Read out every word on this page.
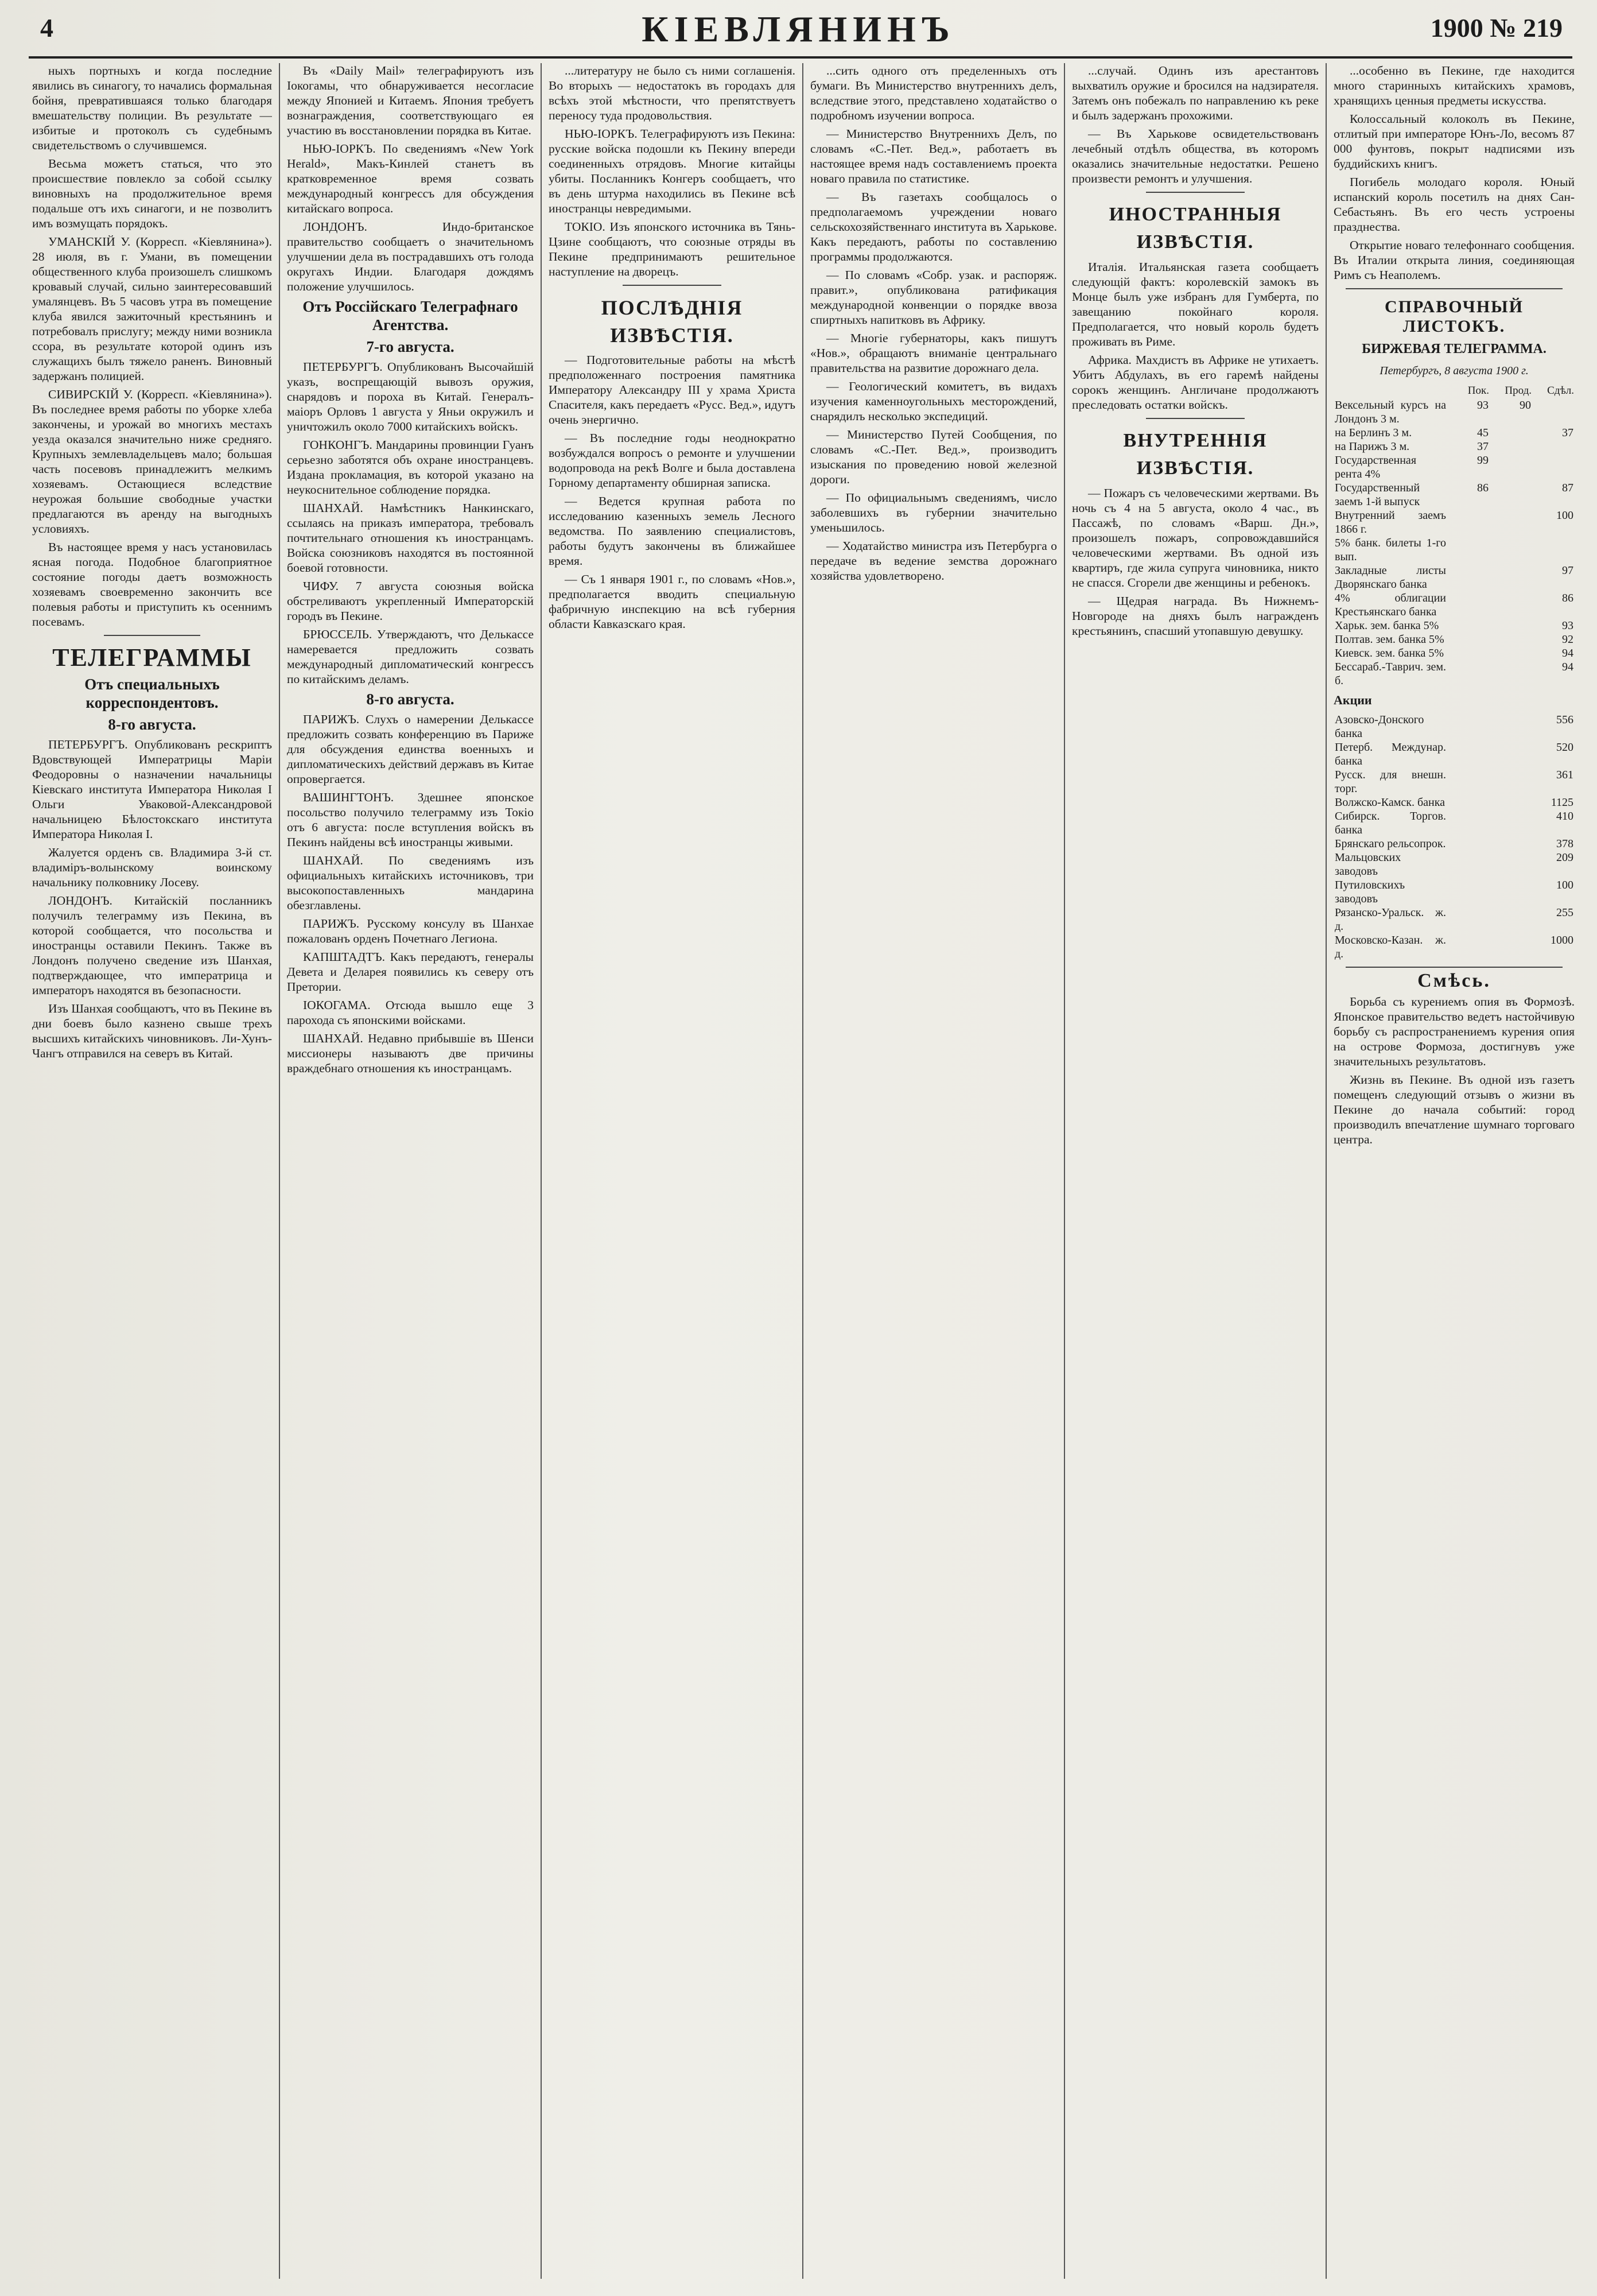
4	КІЕВЛЯНИНЪ	1900 № 219

ныхъ портныхъ и когда последние явились въ синагогу, то начались формальная бойня, превратившаяся только благодаря вмешательству полиции. Въ результате — избитые и протоколъ съ судебнымъ свидетельствомъ о случившемся.

Весьма можетъ статься, что это происшествие повлекло за собой ссылку виновныхъ на продолжительное время подальше отъ ихъ синагоги, и не позволитъ имъ возмущать порядокъ.

УМАНСКІЙ У. (Корресп. «Кіевлянина»). 28 июля, въ г. Умани, въ помещении общественного клуба произошелъ слишкомъ кровавый случай, сильно заинтересовавший умалянцевъ. Въ 5 часовъ утра въ помещение клуба явился зажиточный крестьянинъ и потребовалъ прислугу; между ними возникла ссора, въ результате которой одинъ изъ служащихъ былъ тяжело раненъ. Виновный задержанъ полицией.

СИВИРСКІЙ У. (Корресп. «Кіевлянина»). Въ последнее время работы по уборке хлеба закончены, и урожай во многихъ местахъ уезда оказался значительно ниже средняго. Крупныхъ землевладельцевъ мало; большая часть посевовъ принадлежитъ мелкимъ хозяевамъ. Остающиеся вследствие неурожая большие свободные участки предлагаются въ аренду на выгодныхъ условияхъ.

Въ настоящее время у насъ установилась ясная погода. Подобное благоприятное состояние погоды даетъ возможность хозяевамъ своевременно закончить все полевыя работы и приступить къ осеннимъ посевамъ.

ТЕЛЕГРАММЫ
Отъ специальныхъ корреспондентовъ.
8-го августа.

ПЕТЕРБУРГЪ. Опубликованъ рескриптъ Вдовствующей Императрицы Маріи Феодоровны о назначении начальницы Кіевскаго института Императора Николая I Ольги Уваковой-Александровой начальницею Бѣлостокскаго института Императора Николая I.

Жалуется орденъ св. Владимира 3-й ст. владиміръ-волынскому воинскому начальнику полковнику Лосеву.

ЛОНДОНЪ. Китайскій посланникъ получилъ телеграмму изъ Пекина, въ которой сообщается, что посольства и иностранцы оставили Пекинъ. Также въ Лондонъ получено сведение изъ Шанхая, подтверждающее, что императрица и императоръ находятся въ безопасности.

Изъ Шанхая сообщаютъ, что въ Пекине въ дни боевъ было казнено свыше трехъ высшихъ китайскихъ чиновниковъ. Ли-Хунъ-Чангъ отправился на северъ въ Китай.

Въ «Daily Mail» телеграфируютъ изъ Іокогамы, что обнаруживается несогласие между Японией и Китаемъ. Япония требуетъ вознаграждения, соответствующаго ея участию въ восстановлении порядка въ Китае.

НЬЮ-ІОРКЪ. По сведениямъ «New York Herald», Макъ-Кинлей станетъ въ кратковременное время созвать международный конгрессъ для обсуждения китайскаго вопроса.

ЛОНДОНЪ. Индо-британское правительство сообщаетъ о значительномъ улучшении дела въ пострадавшихъ отъ голода округахъ Индии. Благодаря дождямъ положение улучшилось.

Отъ Россійскаго Телеграфнаго Агентства.
7-го августа.

ПЕТЕРБУРГЪ. Опубликованъ Высочайшій указъ, воспрещающій вывозъ оружия, снарядовъ и пороха въ Китай. Генералъ-маіоръ Орловъ 1 августа у Яньи окружилъ и уничтожилъ около 7000 китайскихъ войскъ.

ГОНКОНГЪ. Мандарины провинции Гуанъ серьезно заботятся объ охране иностранцевъ. Издана прокламация, въ которой указано на неукоснительное соблюдение порядка.

ШАНХАЙ. Намѣстникъ Нанкинскаго, ссылаясь на приказъ императора, требовалъ почтительнаго отношения къ иностранцамъ. Войска союзниковъ находятся въ постоянной боевой готовности.

ЧИФУ. 7 августа союзныя войска обстреливаютъ укрепленный Императорскій городъ въ Пекине.

БРЮССЕЛЬ. Утверждаютъ, что Делькассе намеревается предложить созвать международный дипломатический конгрессъ по китайскимъ деламъ.

8-го августа.

ПАРИЖЪ. Слухъ о намерении Делькассе предложить созвать конференцию въ Париже для обсуждения единства военныхъ и дипломатическихъ действий державъ въ Китае опровергается.

ВАШИНГТОНЪ. Здешнее японское посольство получило телеграмму изъ Токіо отъ 6 августа: после вступления войскъ въ Пекинъ найдены всѣ иностранцы живыми.

ШАНХАЙ. По сведениямъ изъ официальныхъ китайскихъ источниковъ, три высокопоставленныхъ мандарина обезглавлены.

ПАРИЖЪ. Русскому консулу въ Шанхае пожалованъ орденъ Почетнаго Легиона.

КАПШТАДТЪ. Какъ передаютъ, генералы Девета и Деларея появились къ северу отъ Претории.

ІОКОГАМА. Отсюда вышло еще 3 парохода съ японскими войсками.

ШАНХАЙ. Недавно прибывшіе въ Шенси миссионеры называютъ две причины враждебнаго отношения къ иностранцамъ.

...литературу не было съ ними соглашенія. Во вторыхъ — недостатокъ въ городахъ для всѣхъ этой мѣстности, что препятствуетъ переносу туда продовольствия.

НЬЮ-ІОРКЪ. Телеграфируютъ изъ Пекина: русские войска подошли къ Пекину впереди соединенныхъ отрядовъ. Многие китайцы убиты. Посланникъ Конгеръ сообщаетъ, что въ день штурма находились въ Пекине всѣ иностранцы невредимыми.

ТОКІО. Изъ японского источника въ Тянь-Цзине сообщаютъ, что союзные отряды въ Пекине предпринимаютъ решительное наступление на дворецъ.

ПОСЛѢДНІЯ ИЗВѢСТІЯ.

— Подготовительные работы на мѣстѣ предположеннаго построения памятника Императору Александру III у храма Христа Спасителя, какъ передаетъ «Русс. Вед.», идутъ очень энергично.

— Въ последние годы неоднократно возбуждался вопросъ о ремонте и улучшении водопровода на рекѣ Волге и была доставлена Горному департаменту обширная записка.

— Ведется крупная работа по исследованию казенныхъ земель Лесного ведомства. По заявлению специалистовъ, работы будутъ закончены въ ближайшее время.

— Съ 1 января 1901 г., по словамъ «Нов.», предполагается вводить специальную фабричную инспекцию на всѣ губерния области Кавказскаго края.

...сить одного отъ пределенныхъ отъ бумаги. Въ Министерство внутреннихъ делъ, вследствие этого, представлено ходатайство о подробномъ изучении вопроса.

— Министерство Внутреннихъ Делъ, по словамъ «С.-Пет. Вед.», работаетъ въ настоящее время надъ составлениемъ проекта новаго правила по статистике.

— Въ газетахъ сообщалось о предполагаемомъ учреждении новаго сельскохозяйственнаго института въ Харькове. Какъ передаютъ, работы по составлению программы продолжаются.

— По словамъ «Собр. узак. и распоряж. правит.», опубликована ратификация международной конвенции о порядке ввоза спиртныхъ напитковъ въ Африку.

— Многіе губернаторы, какъ пишутъ «Нов.», обращаютъ вниманіе центральнаго правительства на развитие дорожнаго дела.

— Геологический комитетъ, въ видахъ изучения каменноугольныхъ месторождений, снарядилъ несколько экспедиций.

— Министерство Путей Сообщения, по словамъ «С.-Пет. Вед.», производитъ изыскания по проведению новой железной дороги.

— По официальнымъ сведениямъ, число заболевшихъ въ губернии значительно уменьшилось.

— Ходатайство министра изъ Петербурга о передаче въ ведение земства дорожнаго хозяйства удовлетворено.

...случай. Одинъ изъ арестантовъ выхватилъ оружие и бросился на надзирателя. Затемъ онъ побежалъ по направлению къ реке и былъ задержанъ прохожими.

— Въ Харькове освидетельствованъ лечебный отдѣлъ общества, въ которомъ оказались значительные недостатки. Решено произвести ремонтъ и улучшения.

ИНОСТРАННЫЯ ИЗВѢСТІЯ.

Италія. Итальянская газета сообщаетъ следующій фактъ: королевскій замокъ въ Монце былъ уже избранъ для Гумберта, по завещанию покойнаго короля. Предполагается, что новый король будетъ проживать въ Риме.

Африка. Махдистъ въ Африке не утихаетъ. Убитъ Абдулахъ, въ его гаремѣ найдены сорокъ женщинъ. Англичане продолжаютъ преследовать остатки войскъ.

ВНУТРЕННІЯ ИЗВѢСТІЯ.

— Пожаръ съ человеческими жертвами. Въ ночь съ 4 на 5 августа, около 4 час., въ Пассажѣ, по словамъ «Варш. Дн.», произошелъ пожаръ, сопровождавшийся человеческими жертвами. Въ одной изъ квартиръ, где жила супруга чиновника, никто не спасся. Сгорели две женщины и ребенокъ.

— Щедрая награда. Въ Нижнемъ-Новгороде на дняхъ былъ награжденъ крестьянинъ, спасший утопавшую девушку.

...особенно въ Пекине, где находится много старинныхъ китайскихъ храмовъ, хранящихъ ценныя предметы искусства.

Колоссальный колоколъ въ Пекине, отлитый при императоре Юнъ-Ло, весомъ 87 000 фунтовъ, покрыт надписями изъ буддийскихъ книгъ.

Погибель молодаго короля. Юный испанский король посетилъ на днях Сан-Себастьянъ. Въ его честь устроены празднества.

Открытие новаго телефоннаго сообщения. Въ Италии открыта линия, соединяющая Римъ съ Неаполемъ.

СПРАВОЧНЫЙ ЛИСТОКЪ.
БИРЖЕВАЯ ТЕЛЕГРАММА.
Петербургъ, 8 августа 1900 г.
	Пок.	Прод.	Сдѣл.
Вексельный курсъ на Лондонъ 3 м.	93	90	
на Берлинъ 3 м.	45		37
на Парижъ 3 м.	37		
Государственная рента 4%	99		
Государственный заемъ 1-й выпуск	86		87
Внутренний заемъ 1866 г.			100
5% банк. билеты 1-го вып.			
Закладные листы Дворянскаго банка			97
4% облигации Крестьянскаго банка			86
Харьк. зем. банка 5%			93
Полтав. зем. банка 5%			92
Киевск. зем. банка 5%			94
Бессараб.-Таврич. зем. б.			94
Акции
Азовско-Донского банка			556
Петерб. Междунар. банка			520
Русск. для внешн. торг.			361
Волжско-Камск. банка			1125
Сибирск. Торгов. банка			410
Брянскаго рельсопрок.			378
Мальцовских заводовъ			209
Путиловскихъ заводовъ			100
Рязанско-Уральск. ж. д.			255
Московско-Казан. ж. д.			1000
Смѣсь.

Борьба съ курениемъ опия въ Формозѣ. Японское правительство ведетъ настойчивую борьбу съ распространениемъ курения опия на острове Формоза, достигнувъ уже значительныхъ результатовъ.

Жизнь въ Пекине. Въ одной изъ газетъ помещенъ следующий отзывъ о жизни въ Пекине до начала событий: город производилъ впечатление шумнаго торговаго центра.
